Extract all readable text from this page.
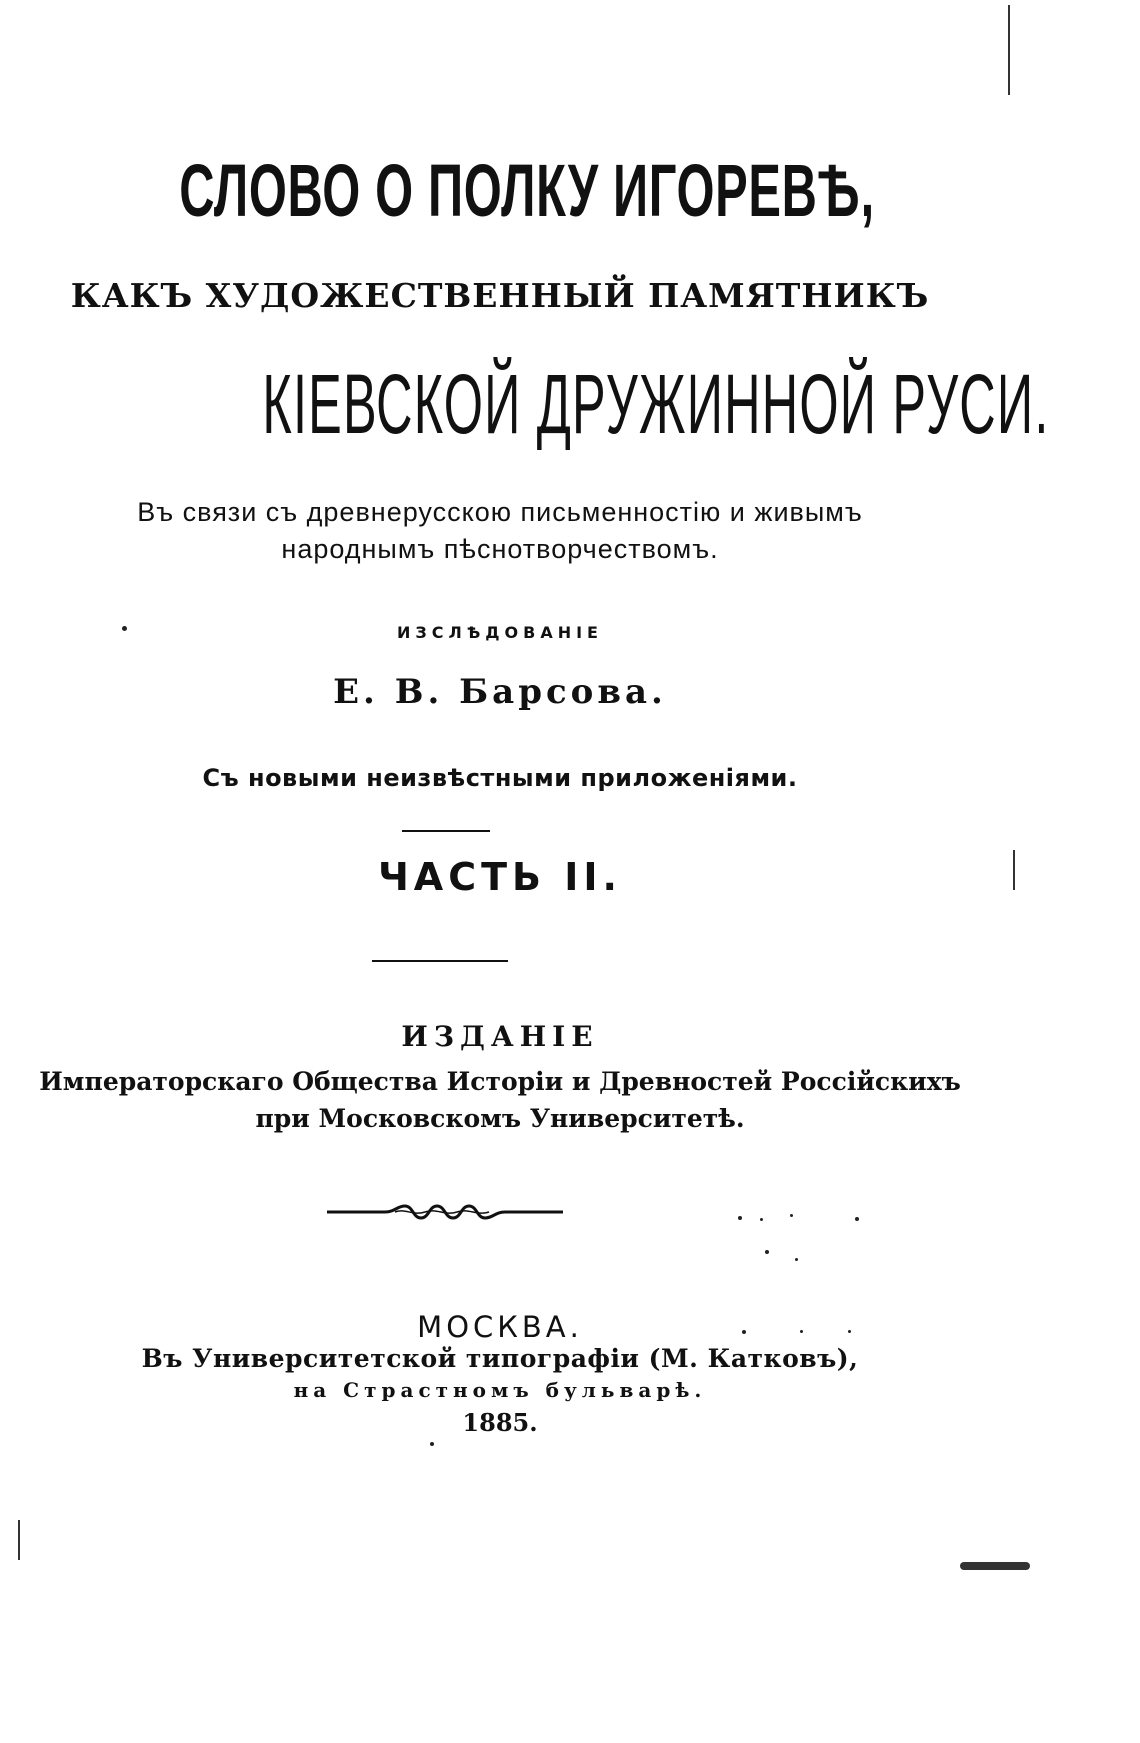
СЛОВО О ПОЛКУ ИГОРЕВѢ,
КАКЪ ХУДОЖЕСТВЕННЫЙ ПАМЯТНИКЪ
КІЕВСКОЙ ДРУЖИННОЙ РУСИ.
Въ связи съ древнерусскою письменностію и живымъ
народнымъ пѣснотворчествомъ.
ИЗСЛѢДОВАНІЕ
Е. В. Барсова.
Съ новыми неизвѣстными приложеніями.
ЧАСТЬ II.
ИЗДАНІЕ
Императорскаго Общества Исторіи и Древностей Россійскихъ
при Московскомъ Университетѣ.
МОСКВА.
Въ Университетской типографіи (М. Катковъ),
на Страстномъ бульварѣ.
1885.
